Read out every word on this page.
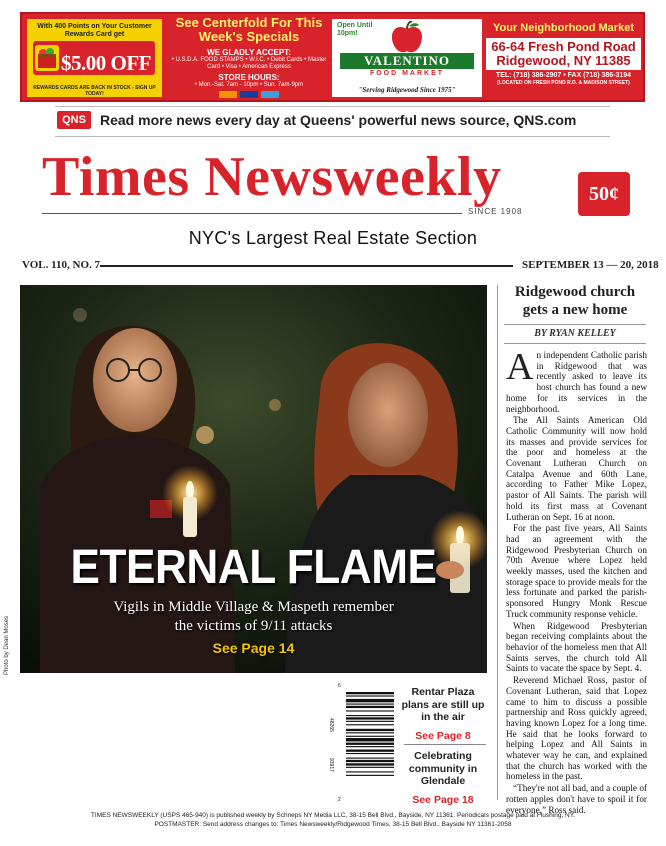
With 400 Points on Your Customer Rewards Card get
$5.00 OFF
REWARDS CARDS ARE BACK IN STOCK - SIGN UP TODAY!
See Centerfold For This Week's Specials
WE GLADLY ACCEPT:
• U.S.D.A. FOOD STAMPS • W.I.C. • Debit Cards • Master Card • Visa • American Express
STORE HOURS:
• Mon.-Sat. 7am - 10pm • Sun. 7am-9pm
Open Until 10pm!
VALENTINO
FOOD MARKET
"Serving Ridgewood Since 1975"
Your Neighborhood Market
66-64 Fresh Pond Road
Ridgewood, NY 11385
TEL: (718) 386-2907 • FAX (718) 386-3194
(LOCATED ON FRESH POND R.D. & MADISON STREET)
QNS	Read more news every day at Queens' powerful news source, QNS.com
Times Newsweekly
SINCE 1908
50¢
NYC's Largest Real Estate Section
VOL. 110, NO. 7	SEPTEMBER 13 — 20, 2018
ETERNAL FLAME
Vigils in Middle Village & Maspeth remember
the victims of 9/11 attacks
See Page 14
Photo by Dean Moses
Ridgewood church gets a new home
BY RYAN KELLEY

An independent Catholic parish in Ridgewood that was recently asked to leave its host church has found a new home for its services in the neighborhood.

The All Saints American Old Catholic Community will now hold its masses and provide services for the poor and homeless at the Covenant Lutheran Church on Catalpa Avenue and 60th Lane, according to Father Mike Lopez, pastor of All Saints. The parish will hold its first mass at Covenant Lutheran on Sept. 16 at noon.

For the past five years, All Saints had an agreement with the Ridgewood Presbyterian Church on 70th Avenue where Lopez held weekly masses, used the kitchen and storage space to provide meals for the less fortunate and parked the parish-sponsored Hungry Monk Rescue Truck community response vehicle.

When Ridgewood Presbyterian began receiving complaints about the behavior of the homeless men that All Saints serves, the church told All Saints to vacate the space by Sept. 4.

Reverend Michael Ross, pastor of Covenant Lutheran, said that Lopez came to him to discuss a possible partnership and Ross quickly agreed, having known Lopez for a long time. He said that he looks forward to helping Lopez and All Saints in whatever way he can, and explained that the church has worked with the homeless in the past.

“They're not all bad, and a couple of rotten apples don't have to spoil it for everyone,” Ross said.

6
48265
93917
2
Rentar Plaza plans are still up in the air
See Page 8
Celebrating community in Glendale
See Page 18
TIMES NEWSWEEKLY (USPS 465-940) is published weekly by Schneps NY Media LLC, 38-15 Bell Blvd., Bayside, NY 11361. Periodicals postage paid at Flushing, NY.
POSTMASTER: Send address changes to: Times Newsweekly/Ridgewood Times, 38-15 Bell Blvd., Bayside NY 11361-2058
